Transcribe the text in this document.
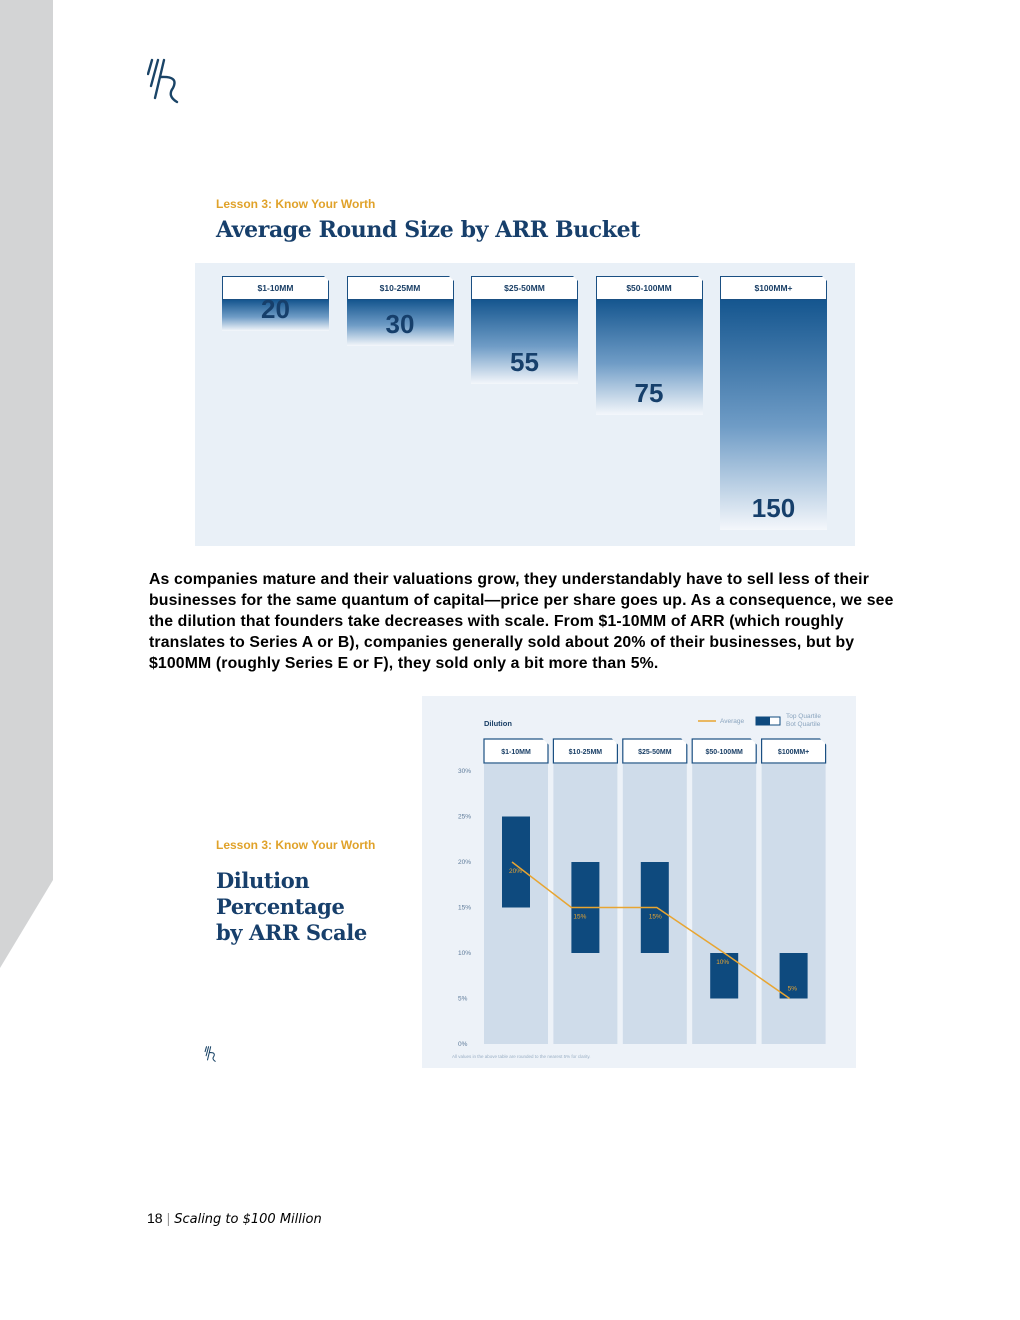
Lesson 3: Know Your Worth
Average Round Size by ARR Bucket
$1-10MM
20
$10-25MM
30
$25-50MM
55
$50-100MM
75
$100MM+
150
As companies mature and their valuations grow, they understandably have to sell less of their businesses for the same quantum of capital—price per share goes up. As a consequence, we see the dilution that founders take decreases with scale. From $1-10MM of ARR (which roughly translates to Series A or B), companies generally sold about 20% of their businesses, but by $100MM (roughly Series E or F), they sold only a bit more than 5%.
Dilution	Average
Top Quartile
Bot Quartile
$1-10MM	$10-25MM	$25-50MM	$50-100MM	$100MM+
0%
5%
10%
15%
20%
25%
30%
20%
15%	15%
10%
5%
All values in the above table are rounded to the nearest 5% for clarity.
Lesson 3: Know Your Worth
Dilution
Percentage
by ARR Scale
18 | Scaling to $100 Million
